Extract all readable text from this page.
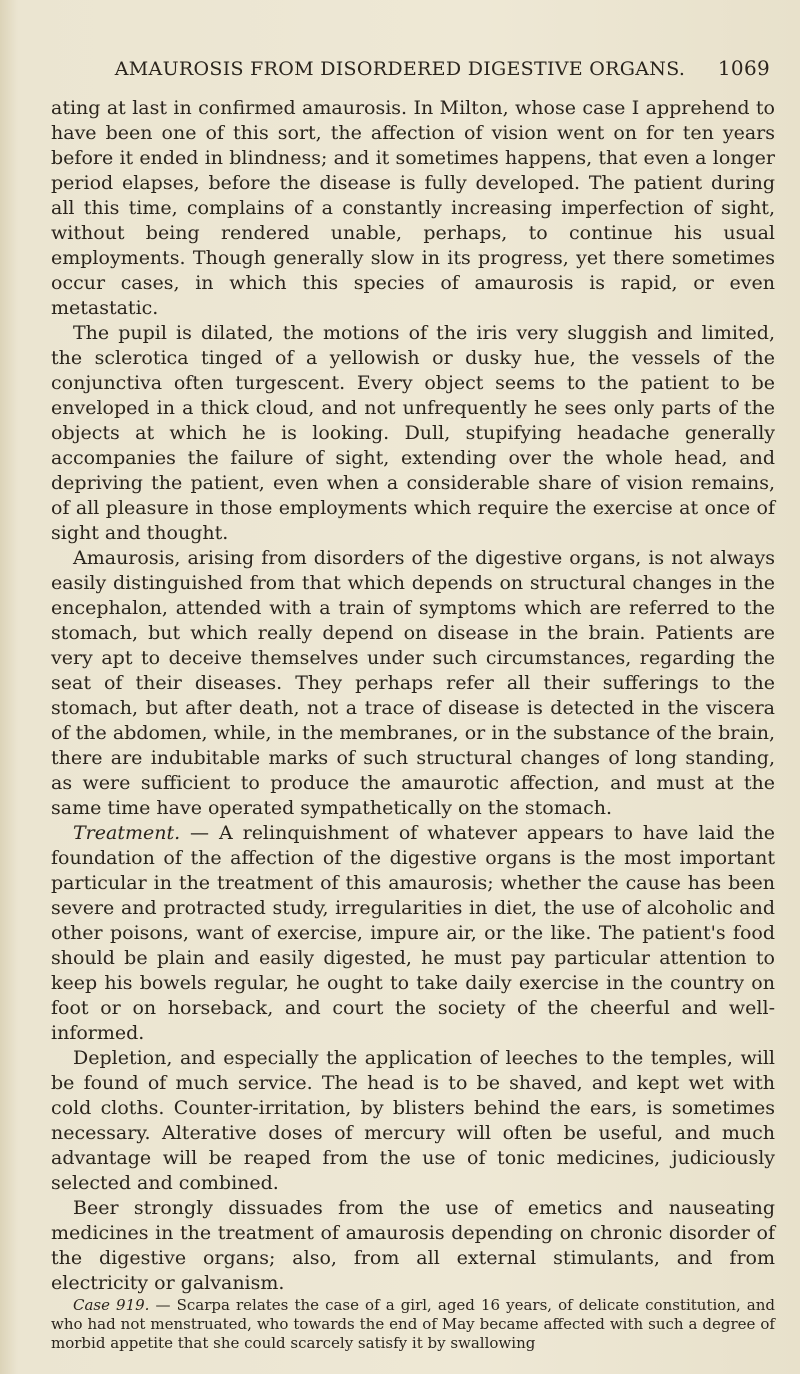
AMAUROSIS FROM DISORDERED DIGESTIVE ORGANS. 1069

ating at last in confirmed amaurosis. In Milton, whose case I apprehend to have been one of this sort, the affection of vision went on for ten years before it ended in blindness; and it sometimes happens, that even a longer period elapses, before the disease is fully developed. The patient during all this time, complains of a constantly increasing imperfection of sight, without being rendered unable, perhaps, to continue his usual employments. Though generally slow in its progress, yet there sometimes occur cases, in which this species of amaurosis is rapid, or even metastatic.

The pupil is dilated, the motions of the iris very sluggish and limited, the sclerotica tinged of a yellowish or dusky hue, the vessels of the conjunctiva often turgescent. Every object seems to the patient to be enveloped in a thick cloud, and not unfrequently he sees only parts of the objects at which he is looking. Dull, stupifying headache generally accompanies the failure of sight, extending over the whole head, and depriving the patient, even when a considerable share of vision remains, of all pleasure in those employments which require the exercise at once of sight and thought.

Amaurosis, arising from disorders of the digestive organs, is not always easily distinguished from that which depends on structural changes in the encephalon, attended with a train of symptoms which are referred to the stomach, but which really depend on disease in the brain. Patients are very apt to deceive themselves under such circumstances, regarding the seat of their diseases. They perhaps refer all their sufferings to the stomach, but after death, not a trace of disease is detected in the viscera of the abdomen, while, in the membranes, or in the substance of the brain, there are indubitable marks of such structural changes of long standing, as were sufficient to produce the amaurotic affection, and must at the same time have operated sympathetically on the stomach.

Treatment. — A relinquishment of whatever appears to have laid the foundation of the affection of the digestive organs is the most important particular in the treatment of this amaurosis; whether the cause has been severe and protracted study, irregularities in diet, the use of alcoholic and other poisons, want of exercise, impure air, or the like. The patient's food should be plain and easily digested, he must pay particular attention to keep his bowels regular, he ought to take daily exercise in the country on foot or on horseback, and court the society of the cheerful and well-informed.

Depletion, and especially the application of leeches to the temples, will be found of much service. The head is to be shaved, and kept wet with cold cloths. Counter-irritation, by blisters behind the ears, is sometimes necessary. Alterative doses of mercury will often be useful, and much advantage will be reaped from the use of tonic medicines, judiciously selected and combined.

Beer strongly dissuades from the use of emetics and nauseating medicines in the treatment of amaurosis depending on chronic disorder of the digestive organs; also, from all external stimulants, and from electricity or galvanism.

Case 919. — Scarpa relates the case of a girl, aged 16 years, of delicate constitution, and who had not menstruated, who towards the end of May became affected with such a degree of morbid appetite that she could scarcely satisfy it by swallowing
